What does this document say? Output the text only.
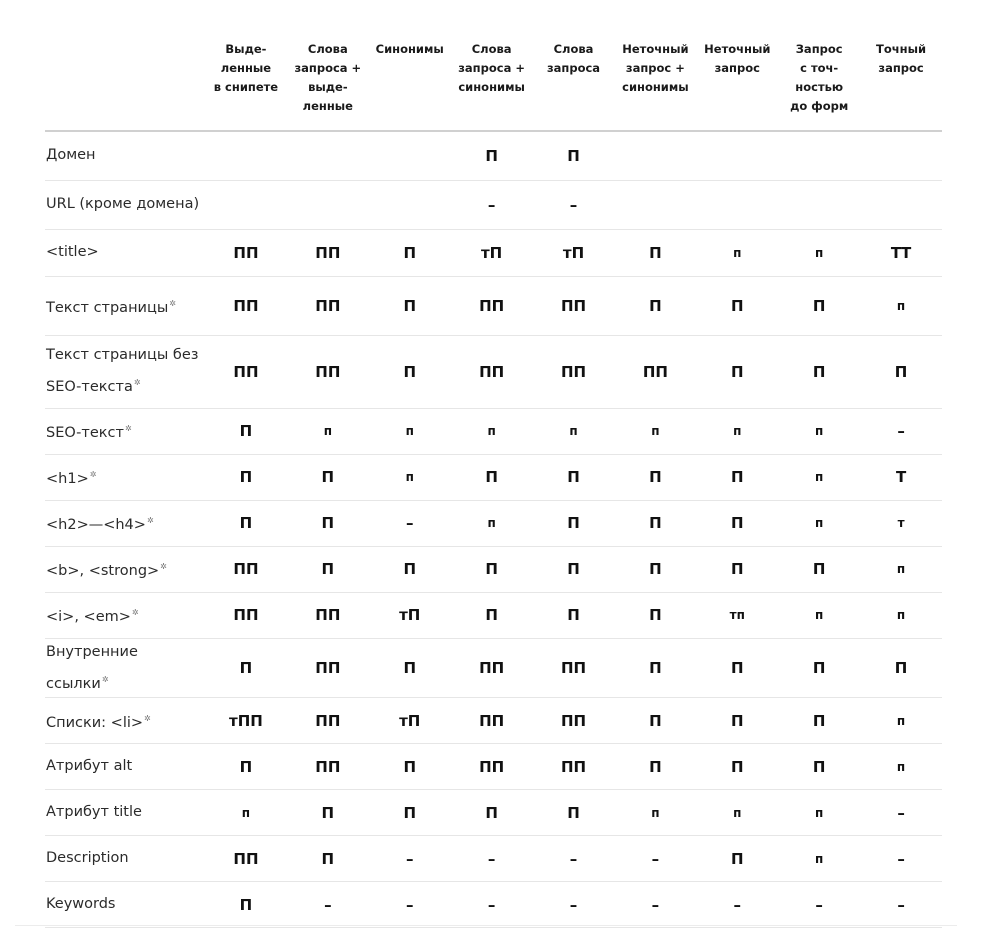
	Выде-
ленные
в снипете	Слова
запроса +
выде-
ленные	Синонимы	Слова
запроса +
синонимы	Слова
запроса	Неточный
запрос +
синонимы	Неточный
запрос	Запрос
с точ-
ностью
до форм	Точный
запрос
Домен				П	П				
URL (кроме домена)				–	–				
<title>	ПП	ПП	П	тП	тП	П	п	п	ТТ
Текст страницы✲	ПП	ПП	П	ПП	ПП	П	П	П	п
Текст страницы без
SEO-текста✲	ПП	ПП	П	ПП	ПП	ПП	П	П	П
SEO-текст✲	П	п	п	п	п	п	п	п	–
<h1>✲	П	П	п	П	П	П	П	п	Т
<h2>—<h4>✲	П	П	–	п	П	П	П	п	т
<b>, <strong>✲	ПП	П	П	П	П	П	П	П	п
<i>, <em>✲	ПП	ПП	тП	П	П	П	тп	п	п
Внутренние ссылки✲	П	ПП	П	ПП	ПП	П	П	П	П
Списки: <li>✲	тПП	ПП	тП	ПП	ПП	П	П	П	п
Атрибут alt	П	ПП	П	ПП	ПП	П	П	П	п
Атрибут title	п	П	П	П	П	п	п	п	–
Description	ПП	П	–	–	–	–	П	п	–
Keywords	П	–	–	–	–	–	–	–	–
